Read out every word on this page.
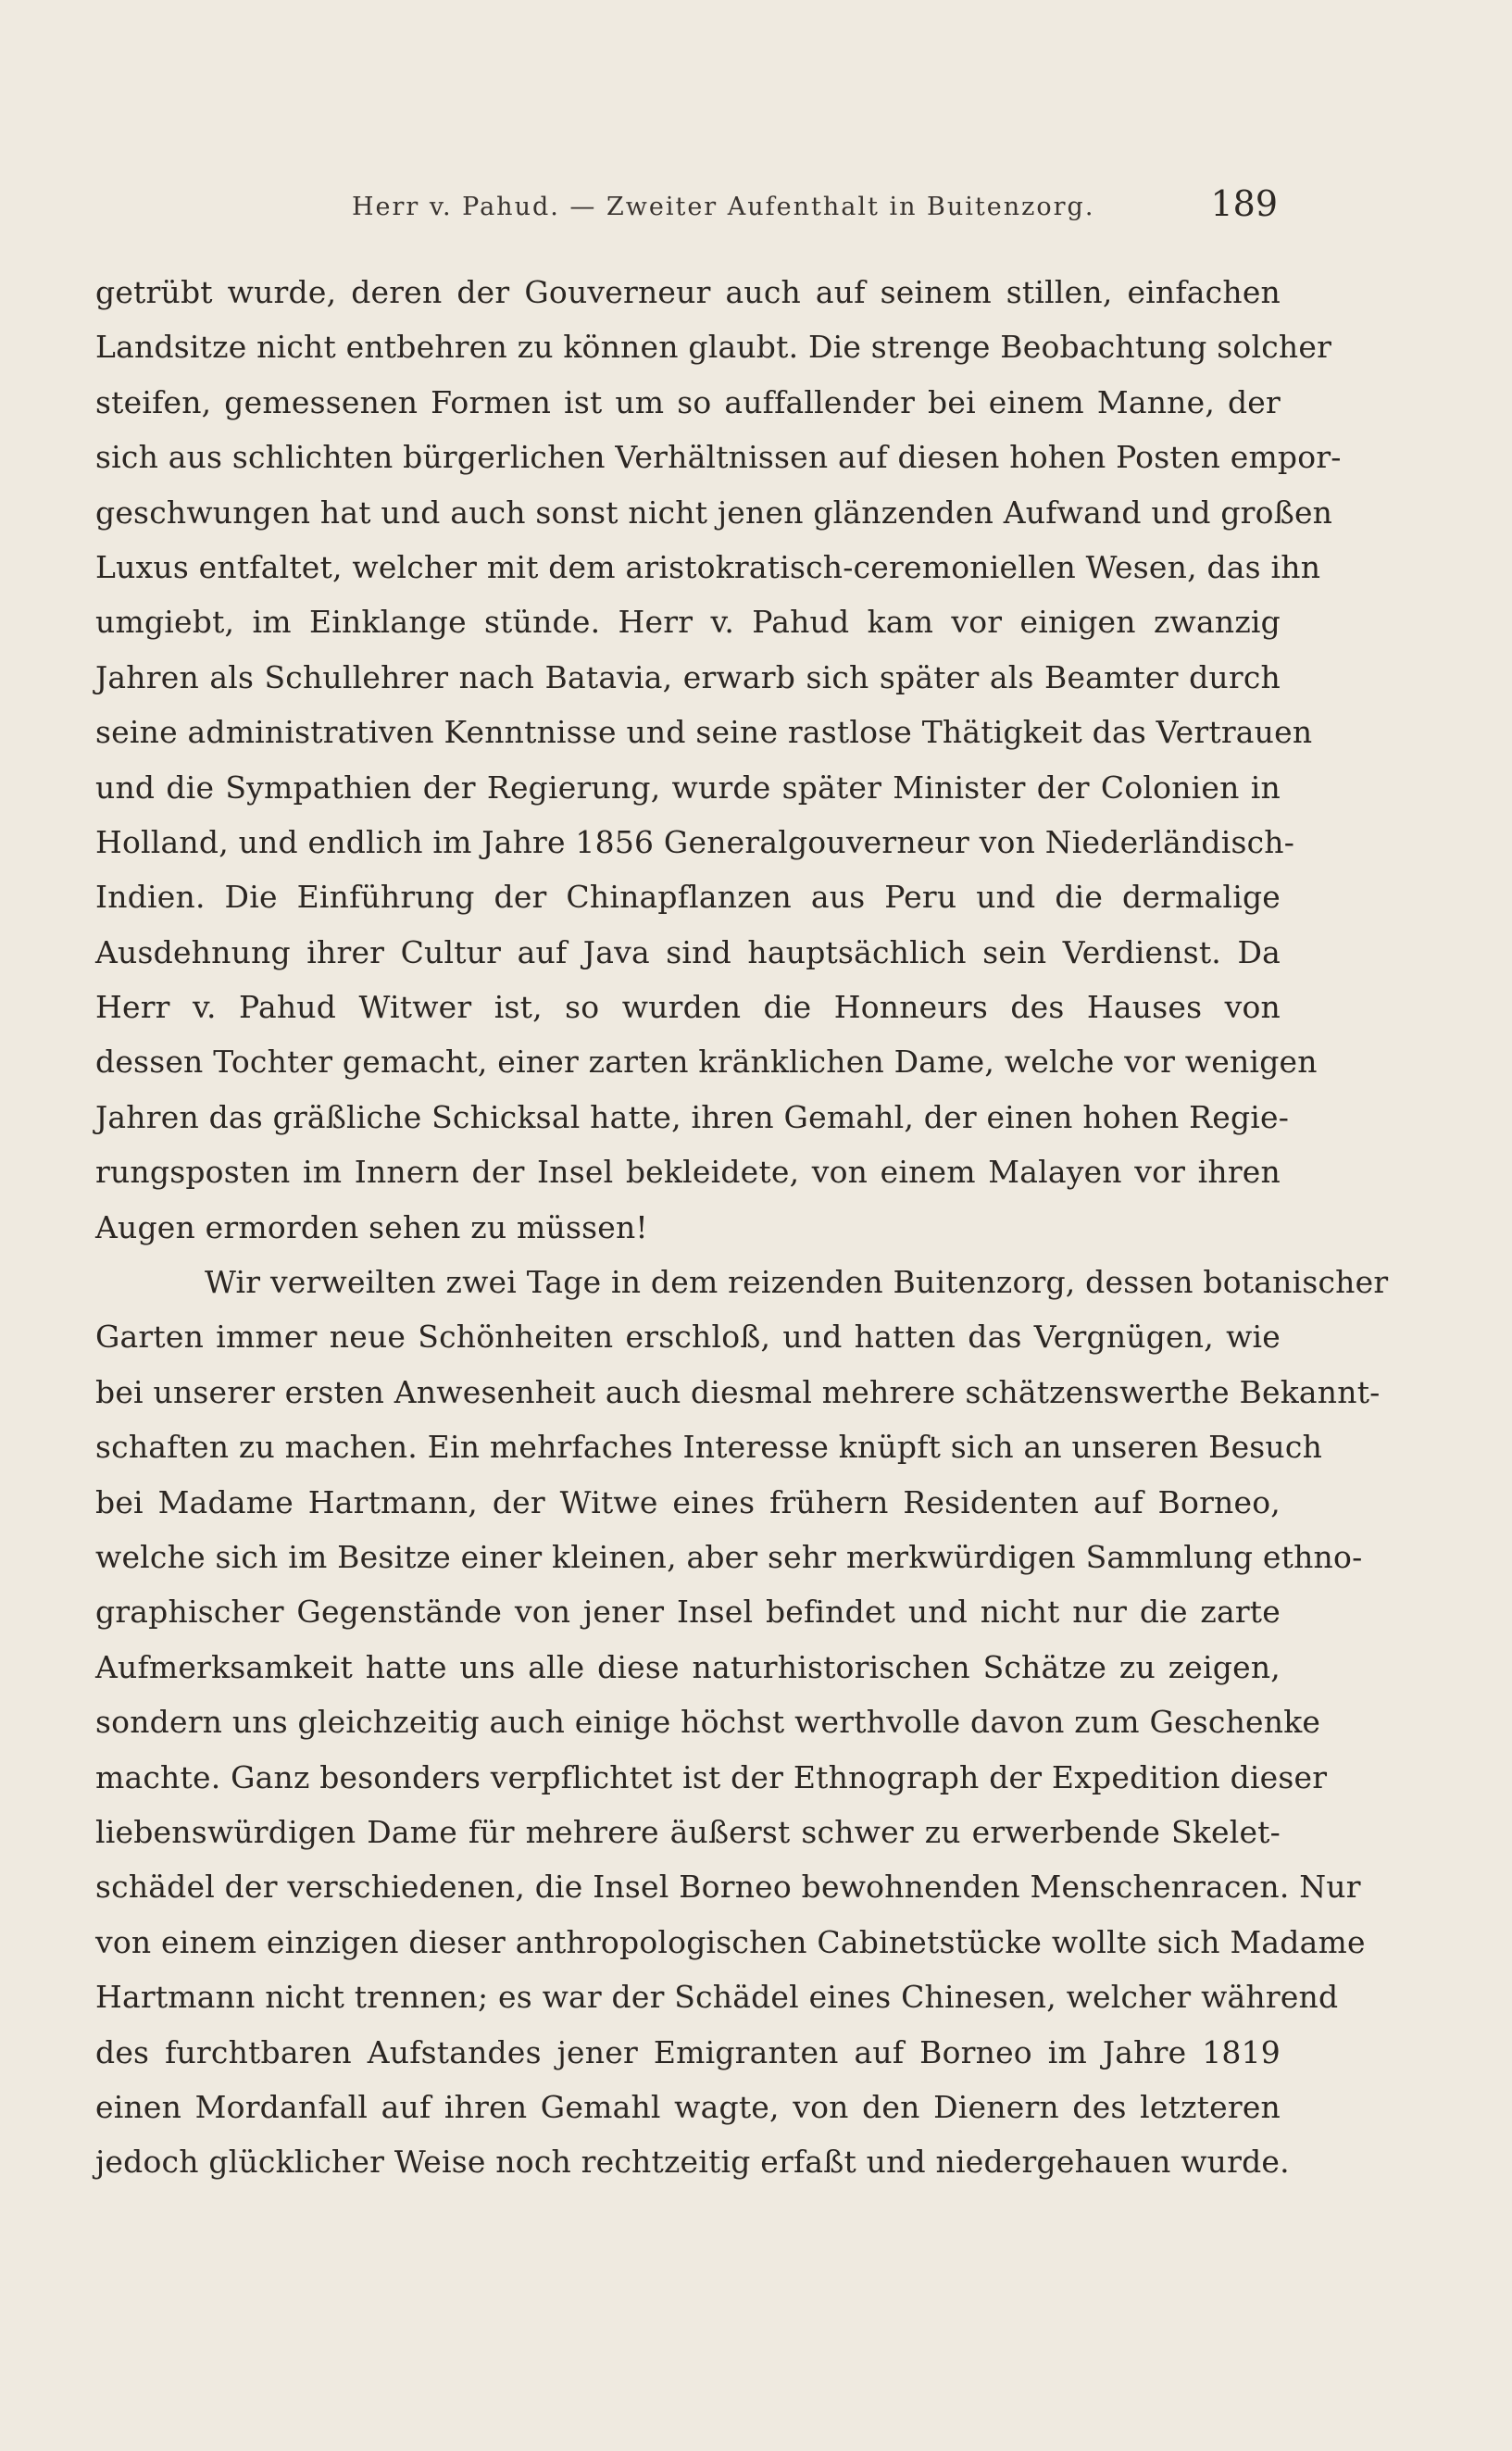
Herr v. Pahud. — Zweiter Aufenthalt in Buitenzorg.	189
getrübt wurde, deren der Gouverneur auch auf seinem stillen, einfachen
Landsitze nicht entbehren zu können glaubt. Die strenge Beobachtung solcher
steifen, gemessenen Formen ist um so auffallender bei einem Manne, der
sich aus schlichten bürgerlichen Verhältnissen auf diesen hohen Posten empor-
geschwungen hat und auch sonst nicht jenen glänzenden Aufwand und großen
Luxus entfaltet, welcher mit dem aristokratisch-ceremoniellen Wesen, das ihn
umgiebt, im Einklange stünde. Herr v. Pahud kam vor einigen zwanzig
Jahren als Schullehrer nach Batavia, erwarb sich später als Beamter durch
seine administrativen Kenntnisse und seine rastlose Thätigkeit das Vertrauen
und die Sympathien der Regierung, wurde später Minister der Colonien in
Holland, und endlich im Jahre 1856 Generalgouverneur von Niederländisch-
Indien. Die Einführung der Chinapflanzen aus Peru und die dermalige
Ausdehnung ihrer Cultur auf Java sind hauptsächlich sein Verdienst. Da
Herr v. Pahud Witwer ist, so wurden die Honneurs des Hauses von
dessen Tochter gemacht, einer zarten kränklichen Dame, welche vor wenigen
Jahren das gräßliche Schicksal hatte, ihren Gemahl, der einen hohen Regie-
rungsposten im Innern der Insel bekleidete, von einem Malayen vor ihren
Augen ermorden sehen zu müssen!
Wir verweilten zwei Tage in dem reizenden Buitenzorg, dessen botanischer
Garten immer neue Schönheiten erschloß, und hatten das Vergnügen, wie
bei unserer ersten Anwesenheit auch diesmal mehrere schätzenswerthe Bekannt-
schaften zu machen. Ein mehrfaches Interesse knüpft sich an unseren Besuch
bei Madame Hartmann, der Witwe eines frühern Residenten auf Borneo,
welche sich im Besitze einer kleinen, aber sehr merkwürdigen Sammlung ethno-
graphischer Gegenstände von jener Insel befindet und nicht nur die zarte
Aufmerksamkeit hatte uns alle diese naturhistorischen Schätze zu zeigen,
sondern uns gleichzeitig auch einige höchst werthvolle davon zum Geschenke
machte. Ganz besonders verpflichtet ist der Ethnograph der Expedition dieser
liebenswürdigen Dame für mehrere äußerst schwer zu erwerbende Skelet-
schädel der verschiedenen, die Insel Borneo bewohnenden Menschenracen. Nur
von einem einzigen dieser anthropologischen Cabinetstücke wollte sich Madame
Hartmann nicht trennen; es war der Schädel eines Chinesen, welcher während
des furchtbaren Aufstandes jener Emigranten auf Borneo im Jahre 1819
einen Mordanfall auf ihren Gemahl wagte, von den Dienern des letzteren
jedoch glücklicher Weise noch rechtzeitig erfaßt und niedergehauen wurde.
